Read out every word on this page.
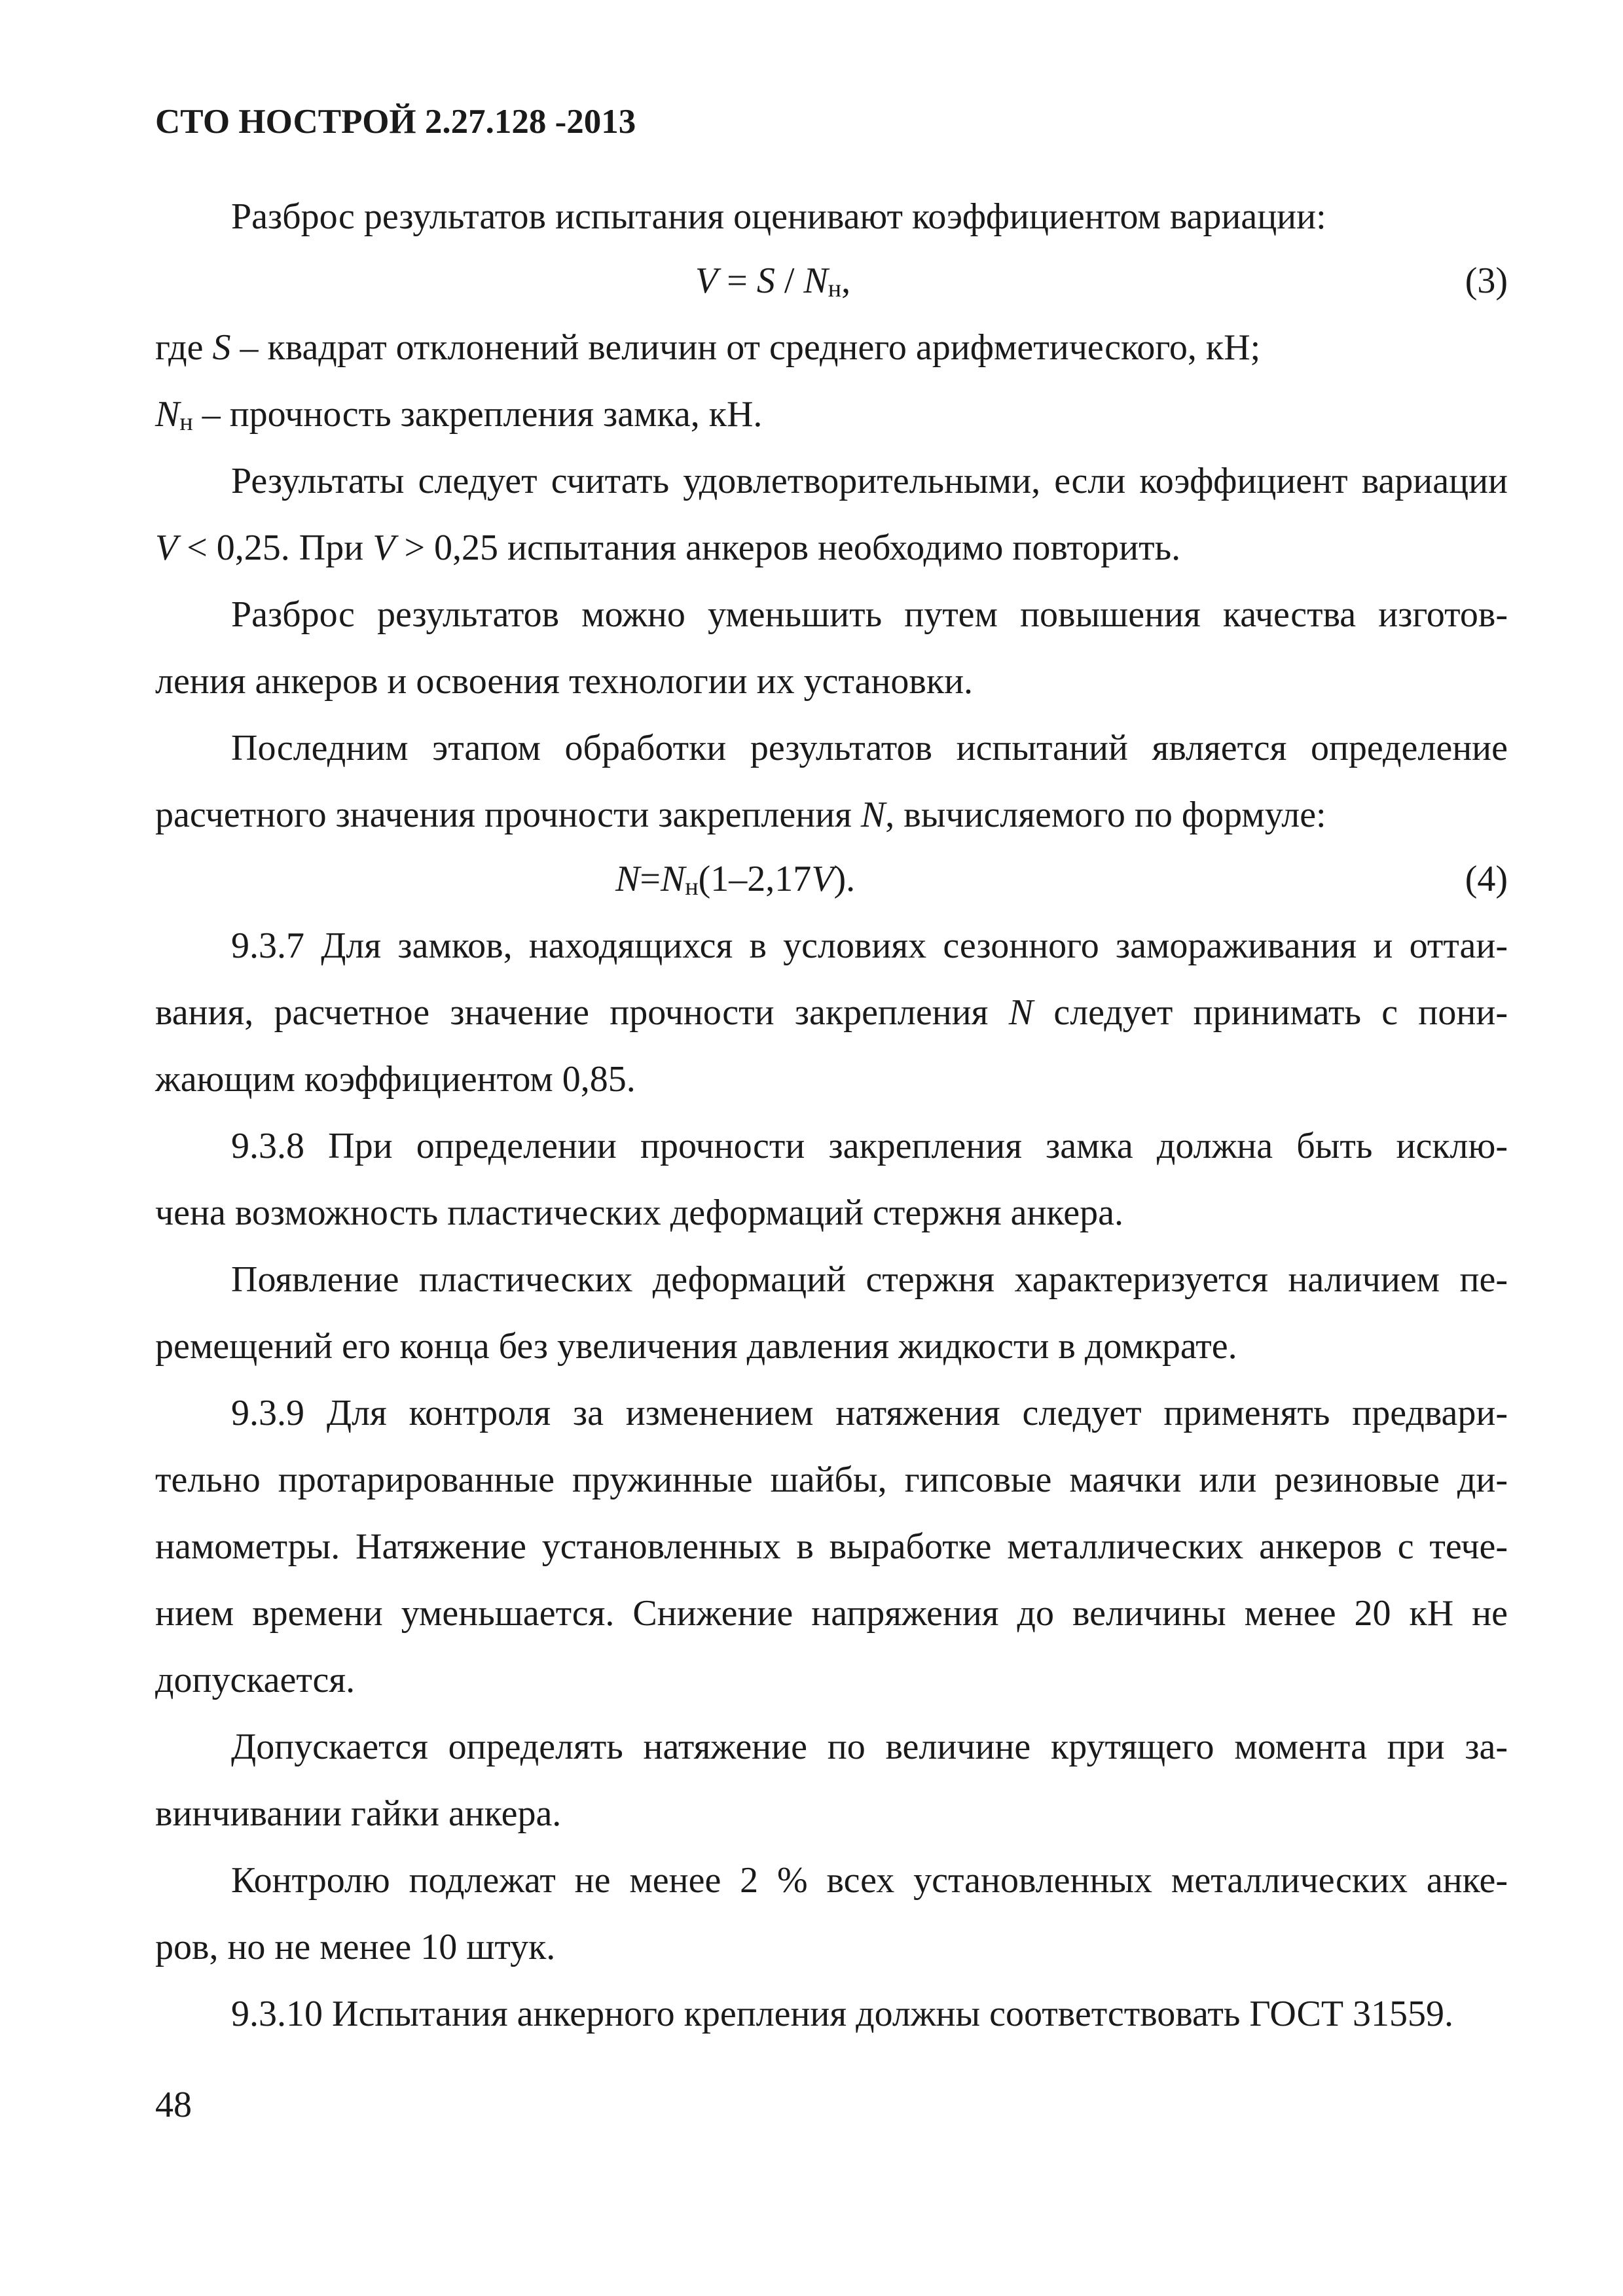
СТО НОСТРОЙ 2.27.128 -2013
Разброс результатов испытания оценивают коэффициентом вариации:
$V = S / N_н$,	(3)
где S – квадрат отклонений величин от среднего арифметического, кН;
$N_н$ – прочность закрепления замка, кН.
Результаты следует считать удовлетворительными, если коэффициент вариации
V < 0,25. При V > 0,25 испытания анкеров необходимо повторить.
Разброс результатов можно уменьшить путем повышения качества изготов-
ления анкеров и освоения технологии их установки.
Последним этапом обработки результатов испытаний является определение
расчетного значения прочности закрепления N, вычисляемого по формуле:
$N=N_н(1-2,17V)$.	(4)
9.3.7 Для замков, находящихся в условиях сезонного замораживания и оттаи-
вания, расчетное значение прочности закрепления N следует принимать с пони-
жающим коэффициентом 0,85.
9.3.8 При определении прочности закрепления замка должна быть исклю-
чена возможность пластических деформаций стержня анкера.
Появление пластических деформаций стержня характеризуется наличием пе-
ремещений его конца без увеличения давления жидкости в домкрате.
9.3.9 Для контроля за изменением натяжения следует применять предвари-
тельно протарированные пружинные шайбы, гипсовые маячки или резиновые ди-
намометры. Натяжение установленных в выработке металлических анкеров с тече-
нием времени уменьшается. Снижение напряжения до величины менее 20 кН не
допускается.
Допускается определять натяжение по величине крутящего момента при за-
винчивании гайки анкера.
Контролю подлежат не менее 2 % всех установленных металлических анке-
ров, но не менее 10 штук.
9.3.10 Испытания анкерного крепления должны соответствовать ГОСТ 31559.
48
